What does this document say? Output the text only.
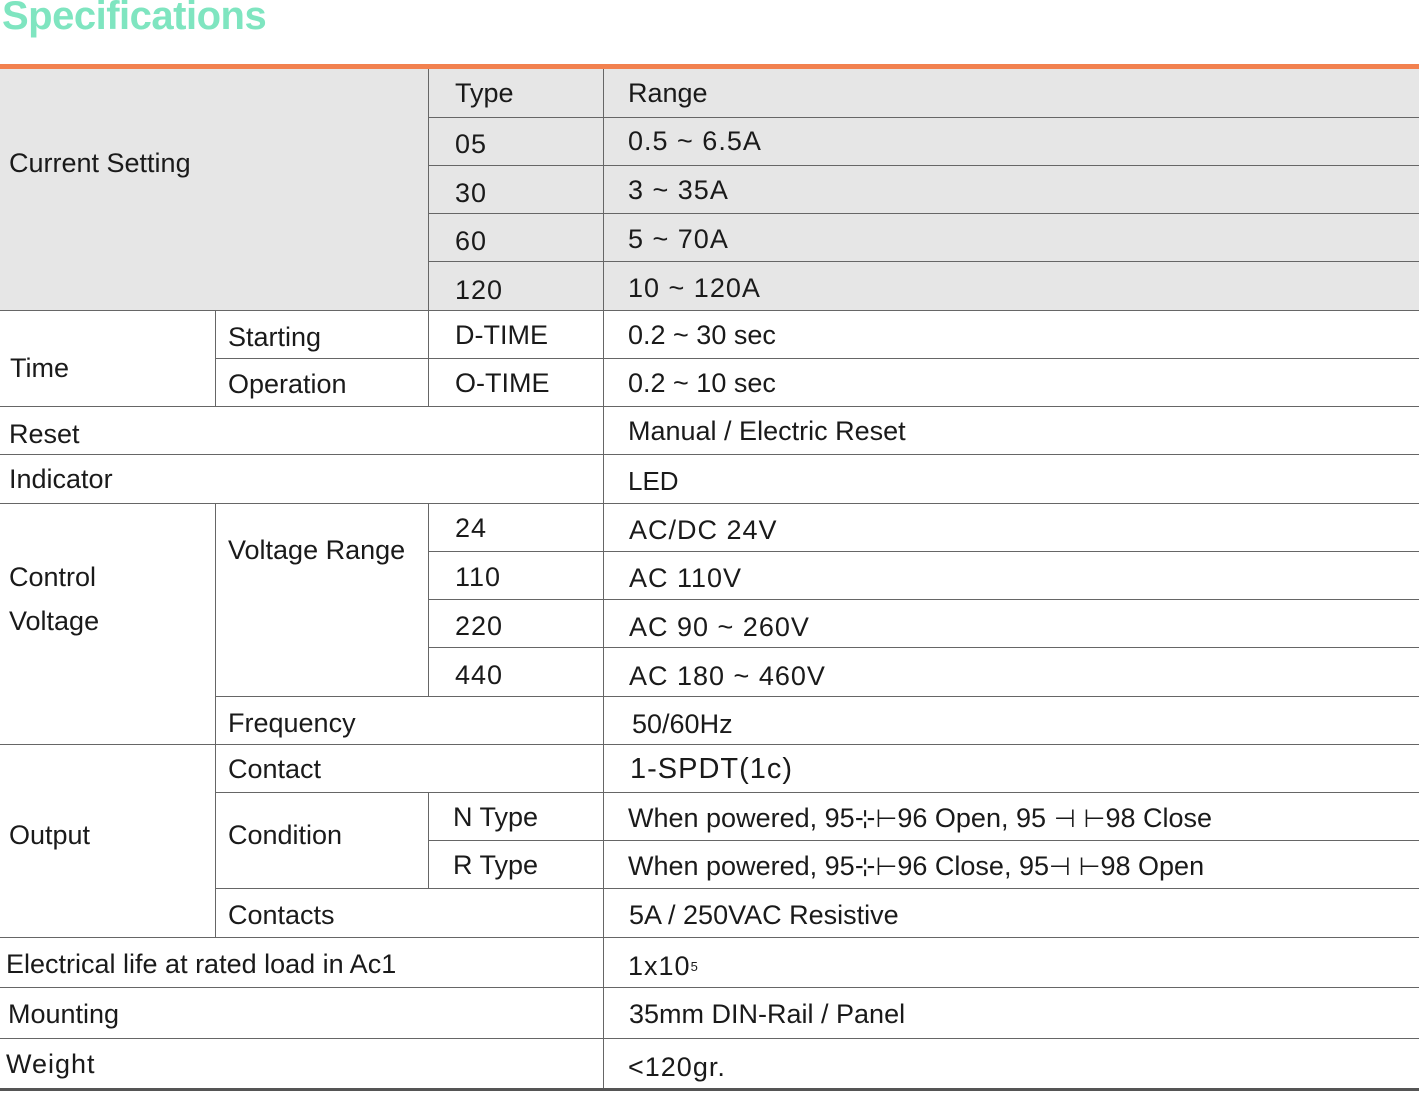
Specifications
Current Setting
Type	Range
05	0.5 ~ 6.5A
30	3 ~ 35A
60	5 ~ 70A
120	10 ~ 120A
Time
Starting	D-TIME	0.2 ~ 30 sec
Operation	O-TIME	0.2 ~ 10 sec
Reset	Manual / Electric Reset
Indicator	LED
Control
Voltage
Voltage Range
24	AC/DC 24V
110	AC 110V
220	AC 90 ~ 260V
440	AC 180 ~ 460V
Frequency	50/60Hz
Output
Contact	1-SPDT(1c)
Condition
N Type	When powered, 95 ⊹⊢ 96 Open, 95 ⊣ ⊢ 98 Close
R Type	When powered, 95 ⊹⊢ 96 Close, 95 ⊣ ⊢ 98 Open
Contacts	5A / 250VAC Resistive
Electrical life at rated load in Ac1	1x10 5
Mounting	35mm DIN-Rail / Panel
Weight	<120gr.
